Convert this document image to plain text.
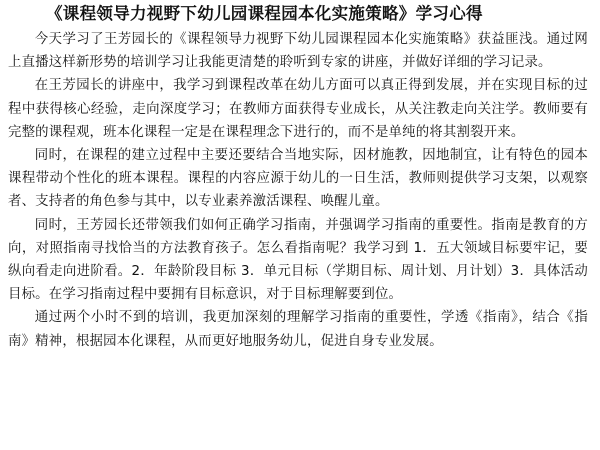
《课程领导力视野下幼儿园课程园本化实施策略》学习心得

今天学习了王芳园长的《课程领导力视野下幼儿园课程园本化实施策略》获益匪浅。通过网上直播这样新形势的培训学习让我能更清楚的聆听到专家的讲座，并做好详细的学习记录。

在王芳园长的讲座中，我学习到课程改革在幼儿方面可以真正得到发展，并在实现目标的过程中获得核心经验，走向深度学习；在教师方面获得专业成长，从关注教走向关注学。教师要有完整的课程观，班本化课程一定是在课程理念下进行的，而不是单纯的将其割裂开来。

同时，在课程的建立过程中主要还要结合当地实际，因材施教，因地制宜，让有特色的园本课程带动个性化的班本课程。课程的内容应源于幼儿的一日生活，教师则提供学习支架，以观察者、支持者的角色参与其中，以专业素养激活课程、唤醒儿童。

同时，王芳园长还带领我们如何正确学习指南，并强调学习指南的重要性。指南是教育的方向，对照指南寻找恰当的方法教育孩子。怎么看指南呢？我学习到 1．五大领域目标要牢记，要纵向看走向进阶看。2．年龄阶段目标 3．单元目标（学期目标、周计划、月计划）3．具体活动目标。在学习指南过程中要拥有目标意识，对于目标理解要到位。

通过两个小时不到的培训，我更加深刻的理解学习指南的重要性，学透《指南》，结合《指南》精神，根据园本化课程，从而更好地服务幼儿，促进自身专业发展。
